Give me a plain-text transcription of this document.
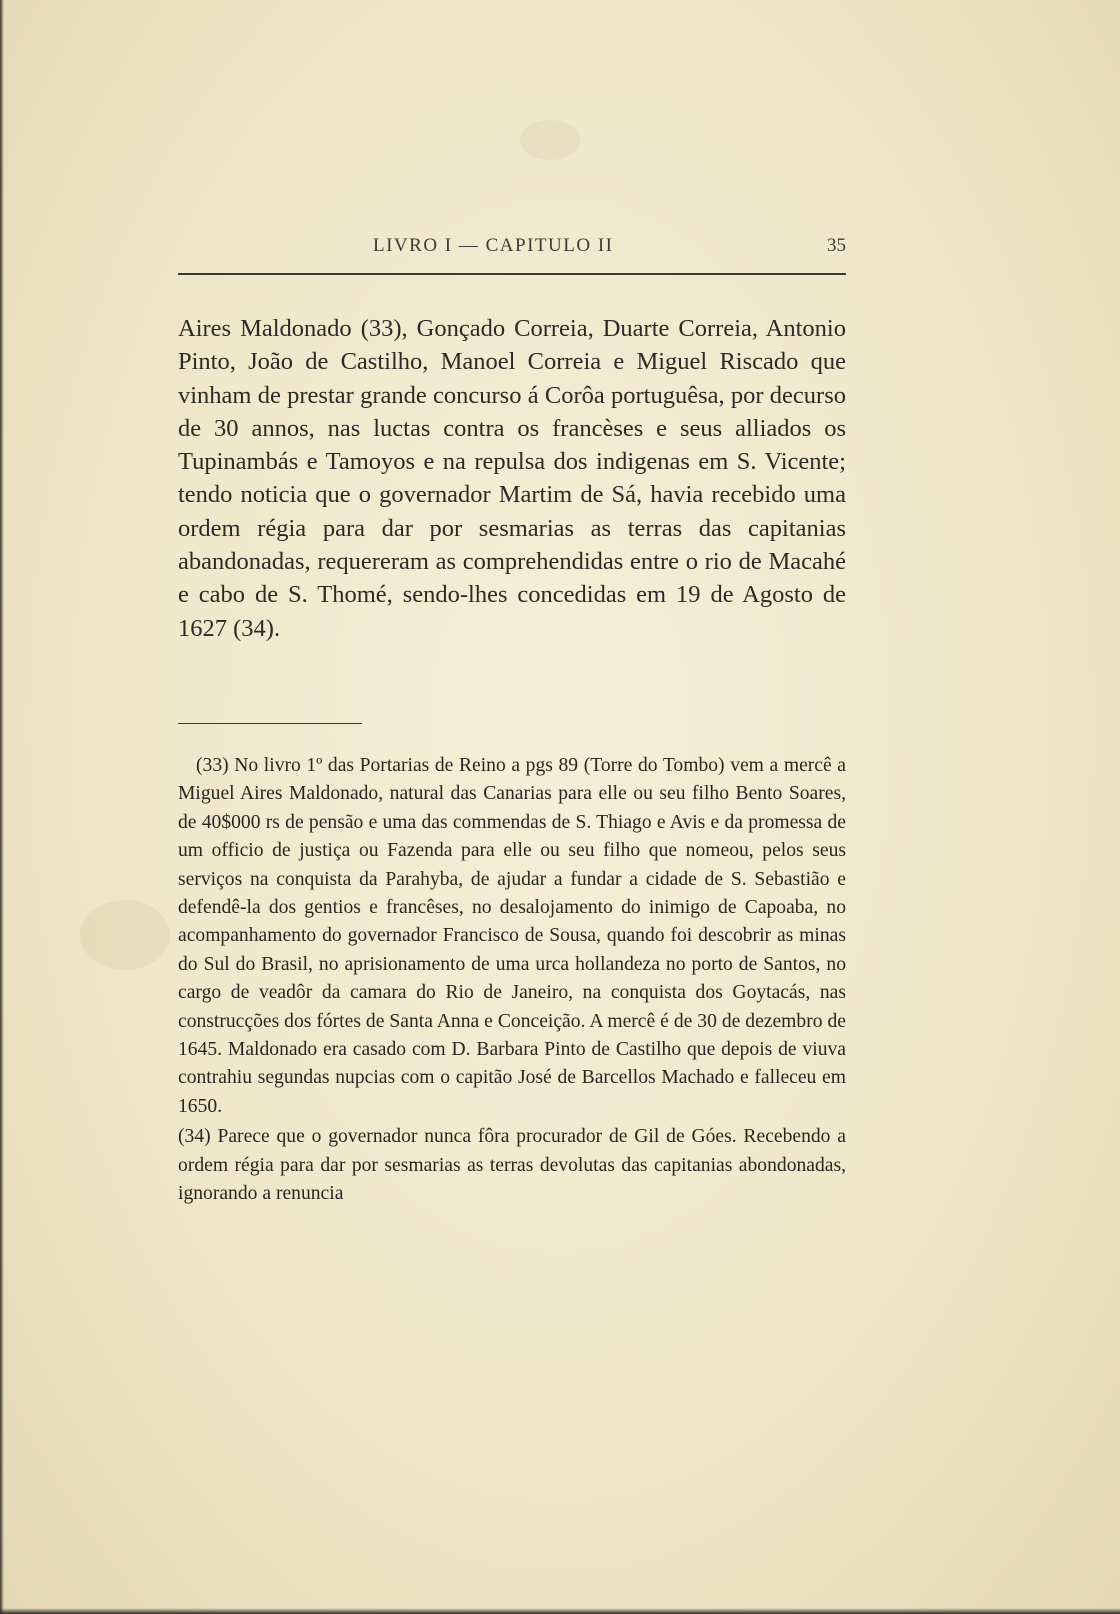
LIVRO I — CAPITULO II	35

Aires Maldonado (33), Gonçado Correia, Duarte Correia, Antonio Pinto, João de Castilho, Manoel Correia e Miguel Riscado que vinham de prestar grande concurso á Corôa portuguêsa, por decurso de 30 annos, nas luctas contra os francèses e seus alliados os Tupinambás e Tamoyos e na repulsa dos indigenas em S. Vicente; tendo noticia que o governador Martim de Sá, havia recebido uma ordem régia para dar por sesmarias as terras das capitanias abandonadas, requereram as comprehendidas entre o rio de Macahé e cabo de S. Thomé, sendo-lhes concedidas em 19 de Agosto de 1627 (34).

(33) No livro 1º das Portarias de Reino a pgs 89 (Torre do Tombo) vem a mercê a Miguel Aires Maldonado, natural das Canarias para elle ou seu filho Bento Soares, de 40$000 rs de pensão e uma das commendas de S. Thiago e Avis e da promessa de um officio de justiça ou Fazenda para elle ou seu filho que nomeou, pelos seus serviços na conquista da Parahyba, de ajudar a fundar a cidade de S. Sebastião e defendê-la dos gentios e francêses, no desalojamento do inimigo de Capoaba, no acompanhamento do governador Francisco de Sousa, quando foi descobrir as minas do Sul do Brasil, no aprisionamento de uma urca hollandeza no porto de Santos, no cargo de veadôr da camara do Rio de Janeiro, na conquista dos Goytacás, nas construcções dos fórtes de Santa Anna e Conceição. A mercê é de 30 de dezembro de 1645. Maldonado era casado com D. Barbara Pinto de Castilho que depois de viuva contrahiu segundas nupcias com o capitão José de Barcellos Machado e falleceu em 1650.

(34) Parece que o governador nunca fôra procurador de Gil de Góes. Recebendo a ordem régia para dar por sesmarias as terras devolutas das capitanias abondonadas, ignorando a renuncia
